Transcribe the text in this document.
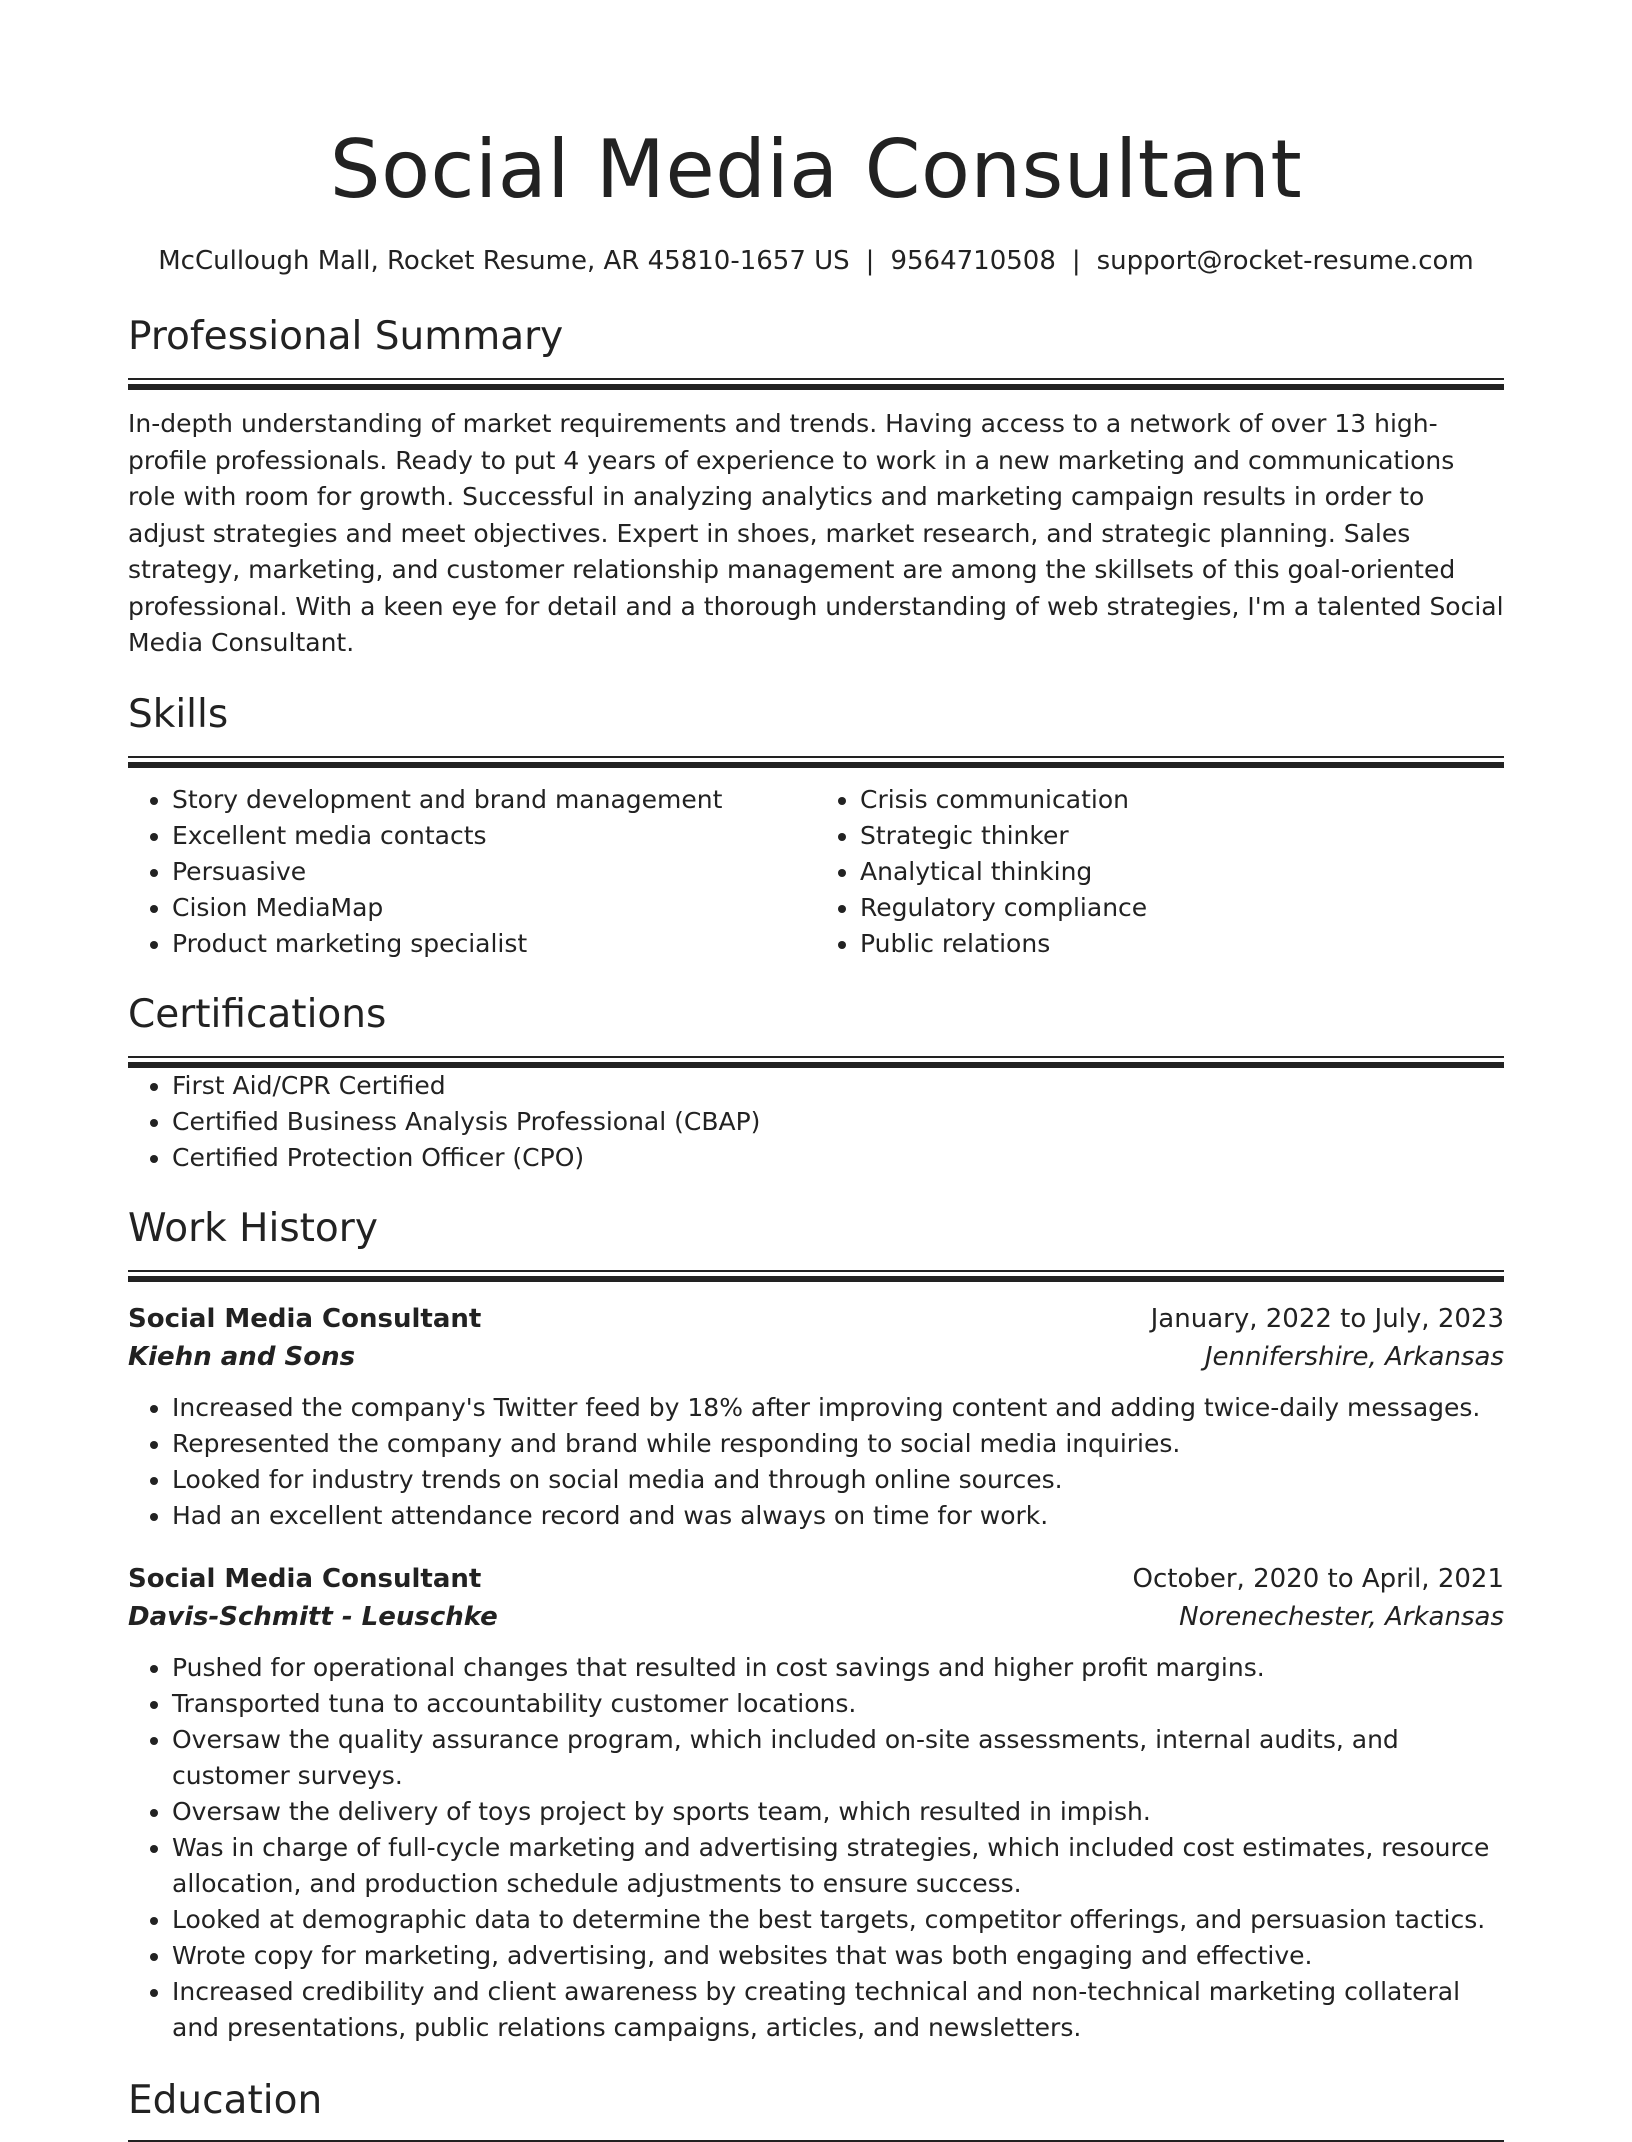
Social Media Consultant
McCullough Mall, Rocket Resume, AR 45810-1657 US | 9564710508 | support@rocket-resume.com
Professional Summary

In-depth understanding of market requirements and trends. Having access to a network of over 13 high-profile professionals. Ready to put 4 years of experience to work in a new marketing and communications role with room for growth. Successful in analyzing analytics and marketing campaign results in order to adjust strategies and meet objectives. Expert in shoes, market research, and strategic planning. Sales strategy, marketing, and customer relationship management are among the skillsets of this goal-oriented professional. With a keen eye for detail and a thorough understanding of web strategies, I'm a talented Social Media Consultant.

Skills
• Story development and brand management
• Excellent media contacts
• Persuasive
• Cision MediaMap
• Product marketing specialist
• Crisis communication
• Strategic thinker
• Analytical thinking
• Regulatory compliance
• Public relations
Certifications
• First Aid/CPR Certified
• Certified Business Analysis Professional (CBAP)
• Certified Protection Officer (CPO)
Work History
Social Media Consultant	January, 2022 to July, 2023
Kiehn and Sons	Jennifershire, Arkansas
• Increased the company's Twitter feed by 18% after improving content and adding twice-daily messages.
• Represented the company and brand while responding to social media inquiries.
• Looked for industry trends on social media and through online sources.
• Had an excellent attendance record and was always on time for work.
Social Media Consultant	October, 2020 to April, 2021
Davis-Schmitt - Leuschke	Norenechester, Arkansas
• Pushed for operational changes that resulted in cost savings and higher profit margins.
• Transported tuna to accountability customer locations.
• Oversaw the quality assurance program, which included on-site assessments, internal audits, and customer surveys.
• Oversaw the delivery of toys project by sports team, which resulted in impish.
• Was in charge of full-cycle marketing and advertising strategies, which included cost estimates, resource allocation, and production schedule adjustments to ensure success.
• Looked at demographic data to determine the best targets, competitor offerings, and persuasion tactics.
• Wrote copy for marketing, advertising, and websites that was both engaging and effective.
• Increased credibility and client awareness by creating technical and non-technical marketing collateral and presentations, public relations campaigns, articles, and newsletters.
Education
